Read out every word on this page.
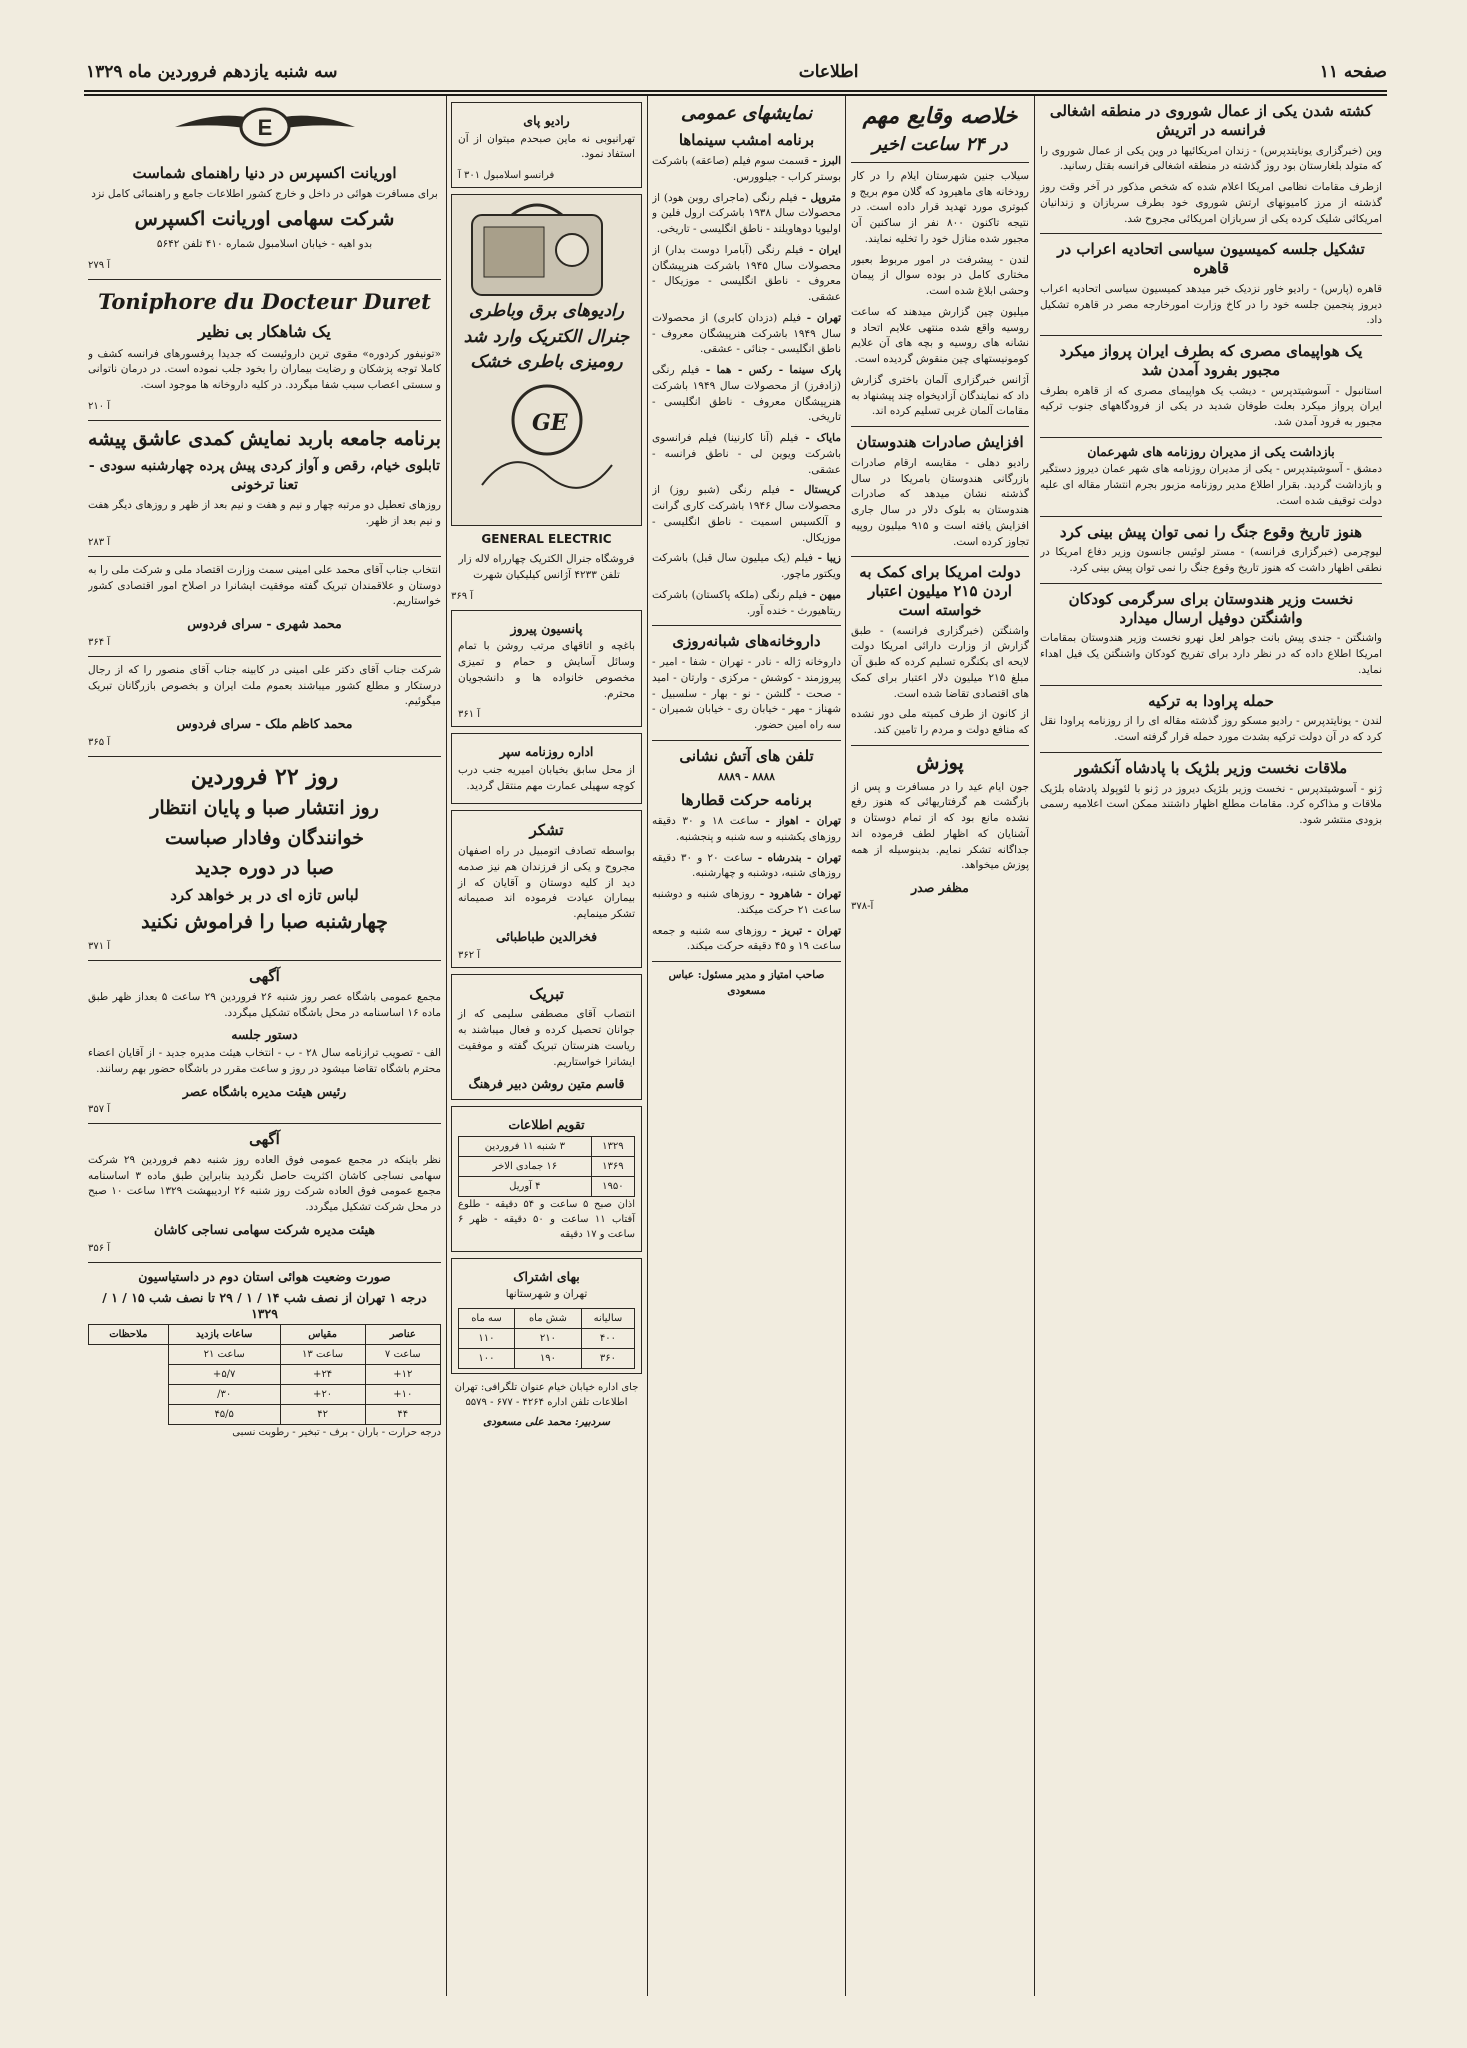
صفحه ۱۱
اطلاعات
سه شنبه یازدهم فروردین ماه ۱۳۲۹
کشته شدن یکی از عمال شوروی در منطقه اشغالی فرانسه در اتریش

وین (خبرگزاری یونایتدپرس) - زندان امریکائیها در وین یکی از عمال شوروی را که متولد بلغارستان بود روز گذشته در منطقه اشغالی فرانسه بقتل رسانید.

ازطرف مقامات نظامی امریکا اعلام شده که شخص مذکور در آخر وقت روز گذشته از مرز کامیونهای ارتش شوروی خود بطرف سربازان و زندانیان امریکائی شلیک کرده یکی از سربازان امریکائی مجروح شد.

تشکیل جلسه کمیسیون سیاسی اتحادیه اعراب در قاهره

قاهره (پارس) - رادیو خاور نزدیک خبر میدهد کمیسیون سیاسی اتحادیه اعراب دیروز پنجمین جلسه خود را در کاخ وزارت امورخارجه مصر در قاهره تشکیل داد.

یک هواپیمای مصری که بطرف ایران پرواز میکرد مجبور بفرود آمدن شد

استانبول - آسوشیتدپرس - دیشب یک هواپیمای مصری که از قاهره بطرف ایران پرواز میکرد بعلت طوفان شدید در یکی از فرودگاههای جنوب ترکیه مجبور به فرود آمدن شد.

بازداشت یکی از مدیران روزنامه های شهرعمان

دمشق - آسوشیتدپرس - یکی از مدیران روزنامه های شهر عمان دیروز دستگیر و بازداشت گردید. بقرار اطلاع مدیر روزنامه مزبور بجرم انتشار مقاله ای علیه دولت توقیف شده است.

هنوز تاریخ وقوع جنگ را نمی توان پیش بینی کرد

لیوچرمی (خبرگزاری فرانسه) - مستر لوئیس جانسون وزیر دفاع امریکا در نطقی اظهار داشت که هنوز تاریخ وقوع جنگ را نمی توان پیش بینی کرد.

نخست وزیر هندوستان برای سرگرمی کودکان واشنگتن دوفیل ارسال میدارد

واشنگتن - جندی پیش بانت جواهر لعل نهرو نخست وزیر هندوستان بمقامات امریکا اطلاع داده که در نظر دارد برای تفریح کودکان واشنگتن یک فیل اهداء نماید.

حمله پراودا به ترکیه

لندن - یونایتدپرس - رادیو مسکو روز گذشته مقاله ای را از روزنامه پراودا نقل کرد که در آن دولت ترکیه بشدت مورد حمله قرار گرفته است.

ملاقات نخست وزیر بلژیک با پادشاه آنکشور

ژنو - آسوشیتدپرس - نخست وزیر بلژیک دیروز در ژنو با لئوپولد پادشاه بلژیک ملاقات و مذاکره کرد. مقامات مطلع اظهار داشتند ممکن است اعلامیه رسمی بزودی منتشر شود.

خلاصه وقایع مهم
در ۲۴ ساعت اخیر

سیلاب جنین شهرستان ایلام را در کار رودخانه های ماهیرود که گلان موم بریج و کبوتری مورد تهدید قرار داده است. در نتیجه تاکنون ۸۰۰ نفر از ساکنین آن مجبور شده منازل خود را تخلیه نمایند.

لندن - پیشرفت در امور مربوط بعبور مختاری کامل در بوده سوال از پیمان وحشی ابلاغ شده است.

میلیون چین گزارش میدهند که ساعت روسیه واقع شده منتهی علایم اتحاد و نشانه های روسیه و بچه های آن علایم کومونیستهای چین منقوش گردیده است.

آژانس خبرگزاری آلمان باختری گزارش داد که نمایندگان آزادیخواه چند پیشنهاد به مقامات آلمان غربی تسلیم کرده اند.

افزایش صادرات هندوستان

رادیو دهلی - مقایسه ارقام صادرات بازرگانی هندوستان بامریکا در سال گذشته نشان میدهد که صادرات هندوستان به بلوک دلار در سال جاری افزایش یافته است و ۹۱۵ میلیون روپیه تجاوز کرده است.

دولت امریکا برای کمک به اردن ۲۱۵ میلیون اعتبار خواسته است

واشنگتن (خبرگزاری فرانسه) - طبق گزارش از وزارت دارائی امریکا دولت لایحه ای بکنگره تسلیم کرده که طبق آن مبلغ ۲۱۵ میلیون دلار اعتبار برای کمک های اقتصادی تقاضا شده است.

از کانون از طرف کمیته ملی دور نشده که منافع دولت و مردم را تامین کند.

پوزش

جون ایام عید را در مسافرت و پس از بازگشت هم گرفتاریهائی که هنوز رفع نشده مانع بود که از تمام دوستان و آشنایان که اظهار لطف فرموده اند جداگانه تشکر نمایم. بدینوسیله از همه پوزش میخواهد.

مظفر صدر
۳۷۸-آ
نمایشهای عمومی
برنامه امشب سینماها

البرز - قسمت سوم فیلم (صاعقه) باشرکت بوستر کراب - جیلوورس.

متروپل - فیلم رنگی (ماجرای روبن هود) از محصولات سال ۱۹۳۸ باشرکت ارول فلین و اولیویا دوهاویلند - ناطق انگلیسی - تاریخی.

ایران - فیلم رنگی (آبامرا دوست بدار) از محصولات سال ۱۹۴۵ باشرکت هنرپیشگان معروف - ناطق انگلیسی - موزیکال - عشقی.

تهران - فیلم (دزدان کابری) از محصولات سال ۱۹۴۹ باشرکت هنرپیشگان معروف - ناطق انگلیسی - جنائی - عشقی.

پارک سینما - رکس - هما - فیلم رنگی (زادفرز) از محصولات سال ۱۹۴۹ باشرکت هنرپیشگان معروف - ناطق انگلیسی - تاریخی.

مایاک - فیلم (آنا کارنینا) فیلم فرانسوی باشرکت ویوین لی - ناطق فرانسه - عشقی.

کریستال - فیلم رنگی (شبو روز) از محصولات سال ۱۹۴۶ باشرکت کاری گرانت و آلکسیس اسمیت - ناطق انگلیسی - موزیکال.

زیبا - فیلم (یک میلیون سال قبل) باشرکت ویکتور ماچور.

میهن - فیلم رنگی (ملکه پاکستان) باشرکت ریتاهیورث - خنده آور.

داروخانه‌های شبانه‌روزی

داروخانه ژاله - نادر - تهران - شفا - امیر - پیروزمند - کوشش - مرکزی - وارتان - امید - صحت - گلشن - نو - بهار - سلسبیل - شهناز - مهر - خیابان ری - خیابان شمیران - سه راه امین حضور.

تلفن های آتش نشانی

۸۸۸۸ - ۸۸۸۹

برنامه حرکت قطارها

تهران - اهواز - ساعت ۱۸ و ۳۰ دقیقه روزهای یکشنبه و سه شنبه و پنجشنبه.

تهران - بندرشاه - ساعت ۲۰ و ۳۰ دقیقه روزهای شنبه، دوشنبه و چهارشنبه.

تهران - شاهرود - روزهای شنبه و دوشنبه ساعت ۲۱ حرکت میکند.

تهران - تبریز - روزهای سه شنبه و جمعه ساعت ۱۹ و ۴۵ دقیقه حرکت میکند.

صاحب امتیاز و مدیر مسئول: عباس مسعودی

رادیو پای

تهرانیوبی نه ماین صبحدم میتوان از آن استفاد نمود.

فرانسو اسلامبول ۳۰۱ آ
رادیوهای برق وباطری جنرال الکتریک وارد شد رومیزی باطری خشک
GE

GENERAL ELECTRIC

فروشگاه جنرال الکتریک چهارراه لاله زار تلفن ۴۲۳۳ آژانس کیلیکیان شهرت

۳۶۹ آ
پانسیون پیروز

باغچه و اتاقهای مرتب روشن با تمام وسائل آسایش و حمام و تمیزی مخصوص خانواده ها و دانشجویان محترم.

۳۶۱ آ
اداره روزنامه سپر

از محل سابق بخیابان امیریه جنب درب کوچه سهیلی عمارت مهم منتقل گردید.

تشکر

بواسطه تصادف اتومبیل در راه اصفهان مجروح و یکی از فرزندان هم نیز صدمه دید از کلیه دوستان و آقایان که از بیماران عیادت فرموده اند صمیمانه تشکر مینمایم.

فخرالدین طباطبائی
۳۶۲ آ
تبریک

انتصاب آقای مصطفی سلیمی که از جوانان تحصیل کرده و فعال میباشند به ریاست هنرستان تبریک گفته و موفقیت ایشانرا خواستاریم.

قاسم متین روشن دبیر فرهنگ
تقویم اطلاعات
۱۳۲۹	۳ شنبه ۱۱ فروردین
۱۳۶۹	۱۶ جمادی الاخر
۱۹۵۰	۴ آوریل

اذان صبح ۵ ساعت و ۵۴ دقیقه - طلوع آفتاب ۱۱ ساعت و ۵۰ دقیقه - ظهر ۶ ساعت و ۱۷ دقیقه

بهای اشتراک

تهران و شهرستانها

سالیانه	شش ماه	سه ماه
۴۰۰	۲۱۰	۱۱۰
۳۶۰	۱۹۰	۱۰۰

جای اداره خیابان خیام عنوان تلگرافی: تهران اطلاعات تلفن اداره ۴۲۶۴ - ۶۷۷ - ۵۵۷۹

سردبیر: محمد علی مسعودی

E
اوریانت اکسپرس در دنیا راهنمای شماست

برای مسافرت هوائی در داخل و خارج کشور اطلاعات جامع و راهنمائی کامل نزد

شرکت سهامی اوریانت اکسپرس

بدو اهیه - خیابان اسلامبول شماره ۴۱۰ تلفن ۵۶۴۲

۲۷۹ آ
Toniphore du Docteur Duret
یک شاهکار بی نظیر

«تونیفور کردوره» مقوی ترین داروئیست که جدیدا پرفسورهای فرانسه کشف و کاملا توجه پزشکان و رضایت بیماران را بخود جلب نموده است. در درمان ناتوانی و سستی اعصاب سبب شفا میگردد. در کلیه داروخانه ها موجود است.

۲۱۰ آ
برنامه جامعه باربد نمایش کمدی عاشق پیشه
تابلوی خیام، رقص و آواز کردی پیش پرده چهارشنبه سودی - تعنا ترخونی

روزهای تعطیل دو مرتبه چهار و نیم و هفت و نیم بعد از ظهر و روزهای دیگر هفت و نیم بعد از ظهر.

۲۸۳ آ

انتخاب جناب آقای محمد علی امینی سمت وزارت اقتصاد ملی و شرکت ملی را به دوستان و علاقمندان تبریک گفته موفقیت ایشانرا در اصلاح امور اقتصادی کشور خواستاریم.

محمد شهری - سرای فردوس
۳۶۴ آ

شرکت جناب آقای دکتر علی امینی در کابینه جناب آقای منصور را که از رجال درستکار و مطلع کشور میباشند بعموم ملت ایران و بخصوص بازرگانان تبریک میگوئیم.

محمد کاظم ملک - سرای فردوس
۳۶۵ آ
روز ۲۲ فروردین
روز انتشار صبا و پایان انتظار
خوانندگان وفادار صباست
صبا در دوره جدید
لباس تازه ای در بر خواهد کرد
چهارشنبه صبا را فراموش نکنید
۳۷۱ آ
آگهی

مجمع عمومی باشگاه عصر روز شنبه ۲۶ فروردین ۲۹ ساعت ۵ بعداز ظهر طبق ماده ۱۶ اساسنامه در محل باشگاه تشکیل میگردد.

دستور جلسه

الف - تصویب ترازنامه سال ۲۸ - ب - انتخاب هیئت مدیره جدید - از آقایان اعضاء محترم باشگاه تقاضا میشود در روز و ساعت مقرر در باشگاه حضور بهم رسانند.

رئیس هیئت مدیره باشگاه عصر
۳۵۷ آ
آگهی

نظر باینکه در مجمع عمومی فوق العاده روز شنبه دهم فروردین ۲۹ شرکت سهامی نساجی کاشان اکثریت حاصل نگردید بنابراین طبق ماده ۳ اساسنامه مجمع عمومی فوق العاده شرکت روز شنبه ۲۶ اردیبهشت ۱۳۲۹ ساعت ۱۰ صبح در محل شرکت تشکیل میگردد.

هیئت مدیره شرکت سهامی نساجی کاشان
۳۵۶ آ
صورت وضعیت هوائی استان دوم در داستیاسیون
درجه ۱ تهران از نصف شب ۱۴ / ۱ / ۲۹ تا نصف شب ۱۵ / ۱ / ۱۳۲۹
عناصر	مقیاس	ساعات بازدید	ملاحظات
ساعت ۷	ساعت ۱۳	ساعت ۲۱	
۱۲+	۲۴+	۵/۷+	
۱۰+	۲۰+	۳۰/	
۴۴	۴۲	۴۵/۵	

درجه حرارت - باران - برف - تبخیر - رطوبت نسبی
